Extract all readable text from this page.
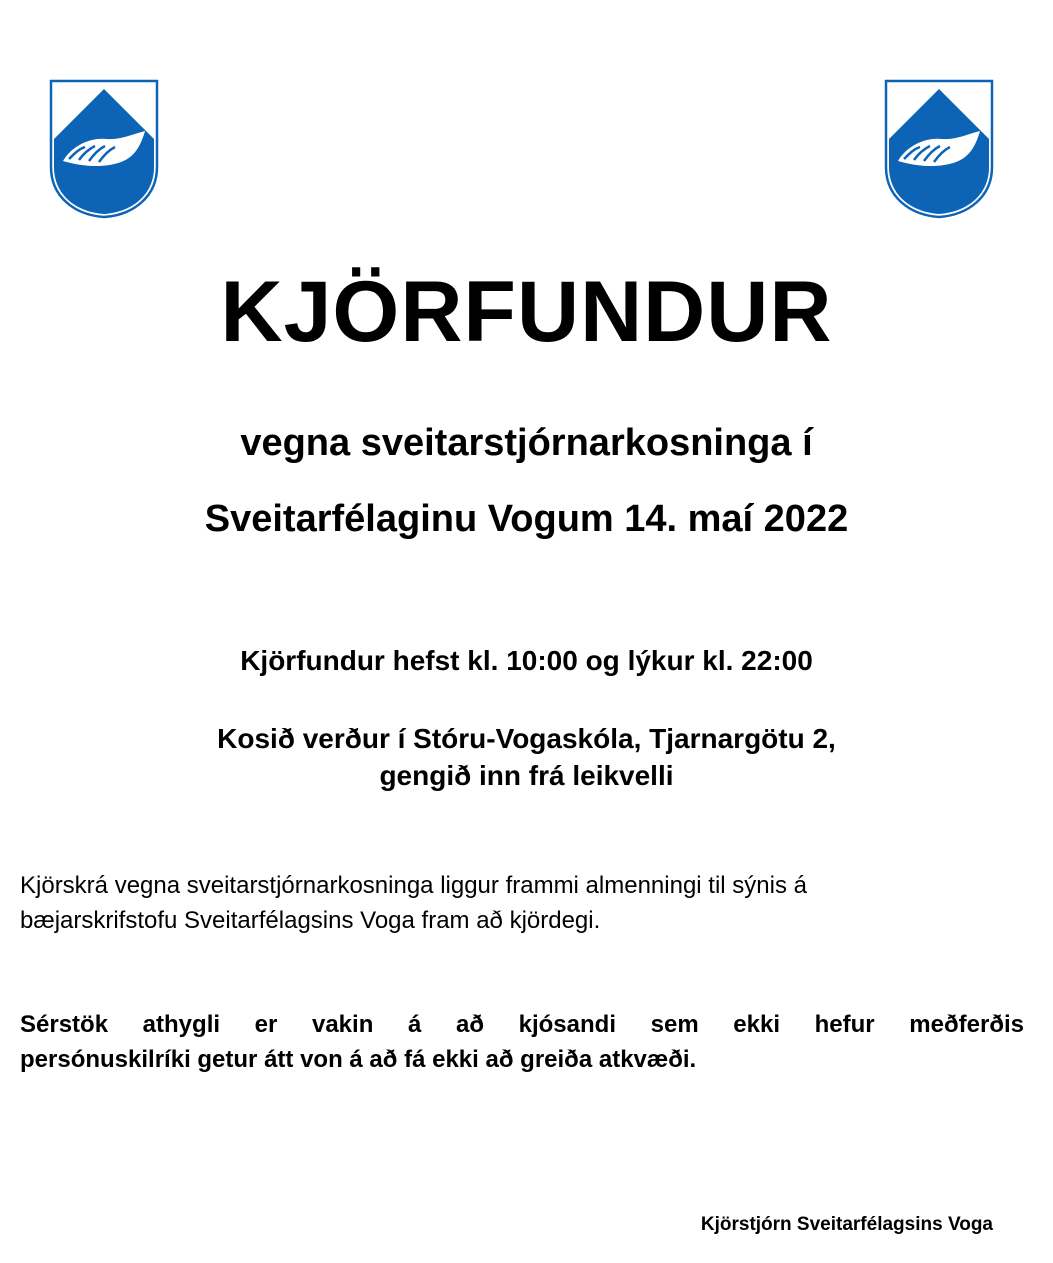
KJÖRFUNDUR
vegna sveitarstjórnarkosninga í
Sveitarfélaginu Vogum 14. maí 2022
Kjörfundur hefst kl. 10:00 og lýkur kl. 22:00
Kosið verður í Stóru-Vogaskóla, Tjarnargötu 2,
gengið inn frá leikvelli
Kjörskrá vegna sveitarstjórnarkosninga liggur frammi almenningi til sýnis á
bæjarskrifstofu Sveitarfélagsins Voga fram að kjördegi.
Sérstök athygli er vakin á að kjósandi sem ekki hefur meðferðis
persónuskilríki getur átt von á að fá ekki að greiða atkvæði.
Kjörstjórn Sveitarfélagsins Voga
